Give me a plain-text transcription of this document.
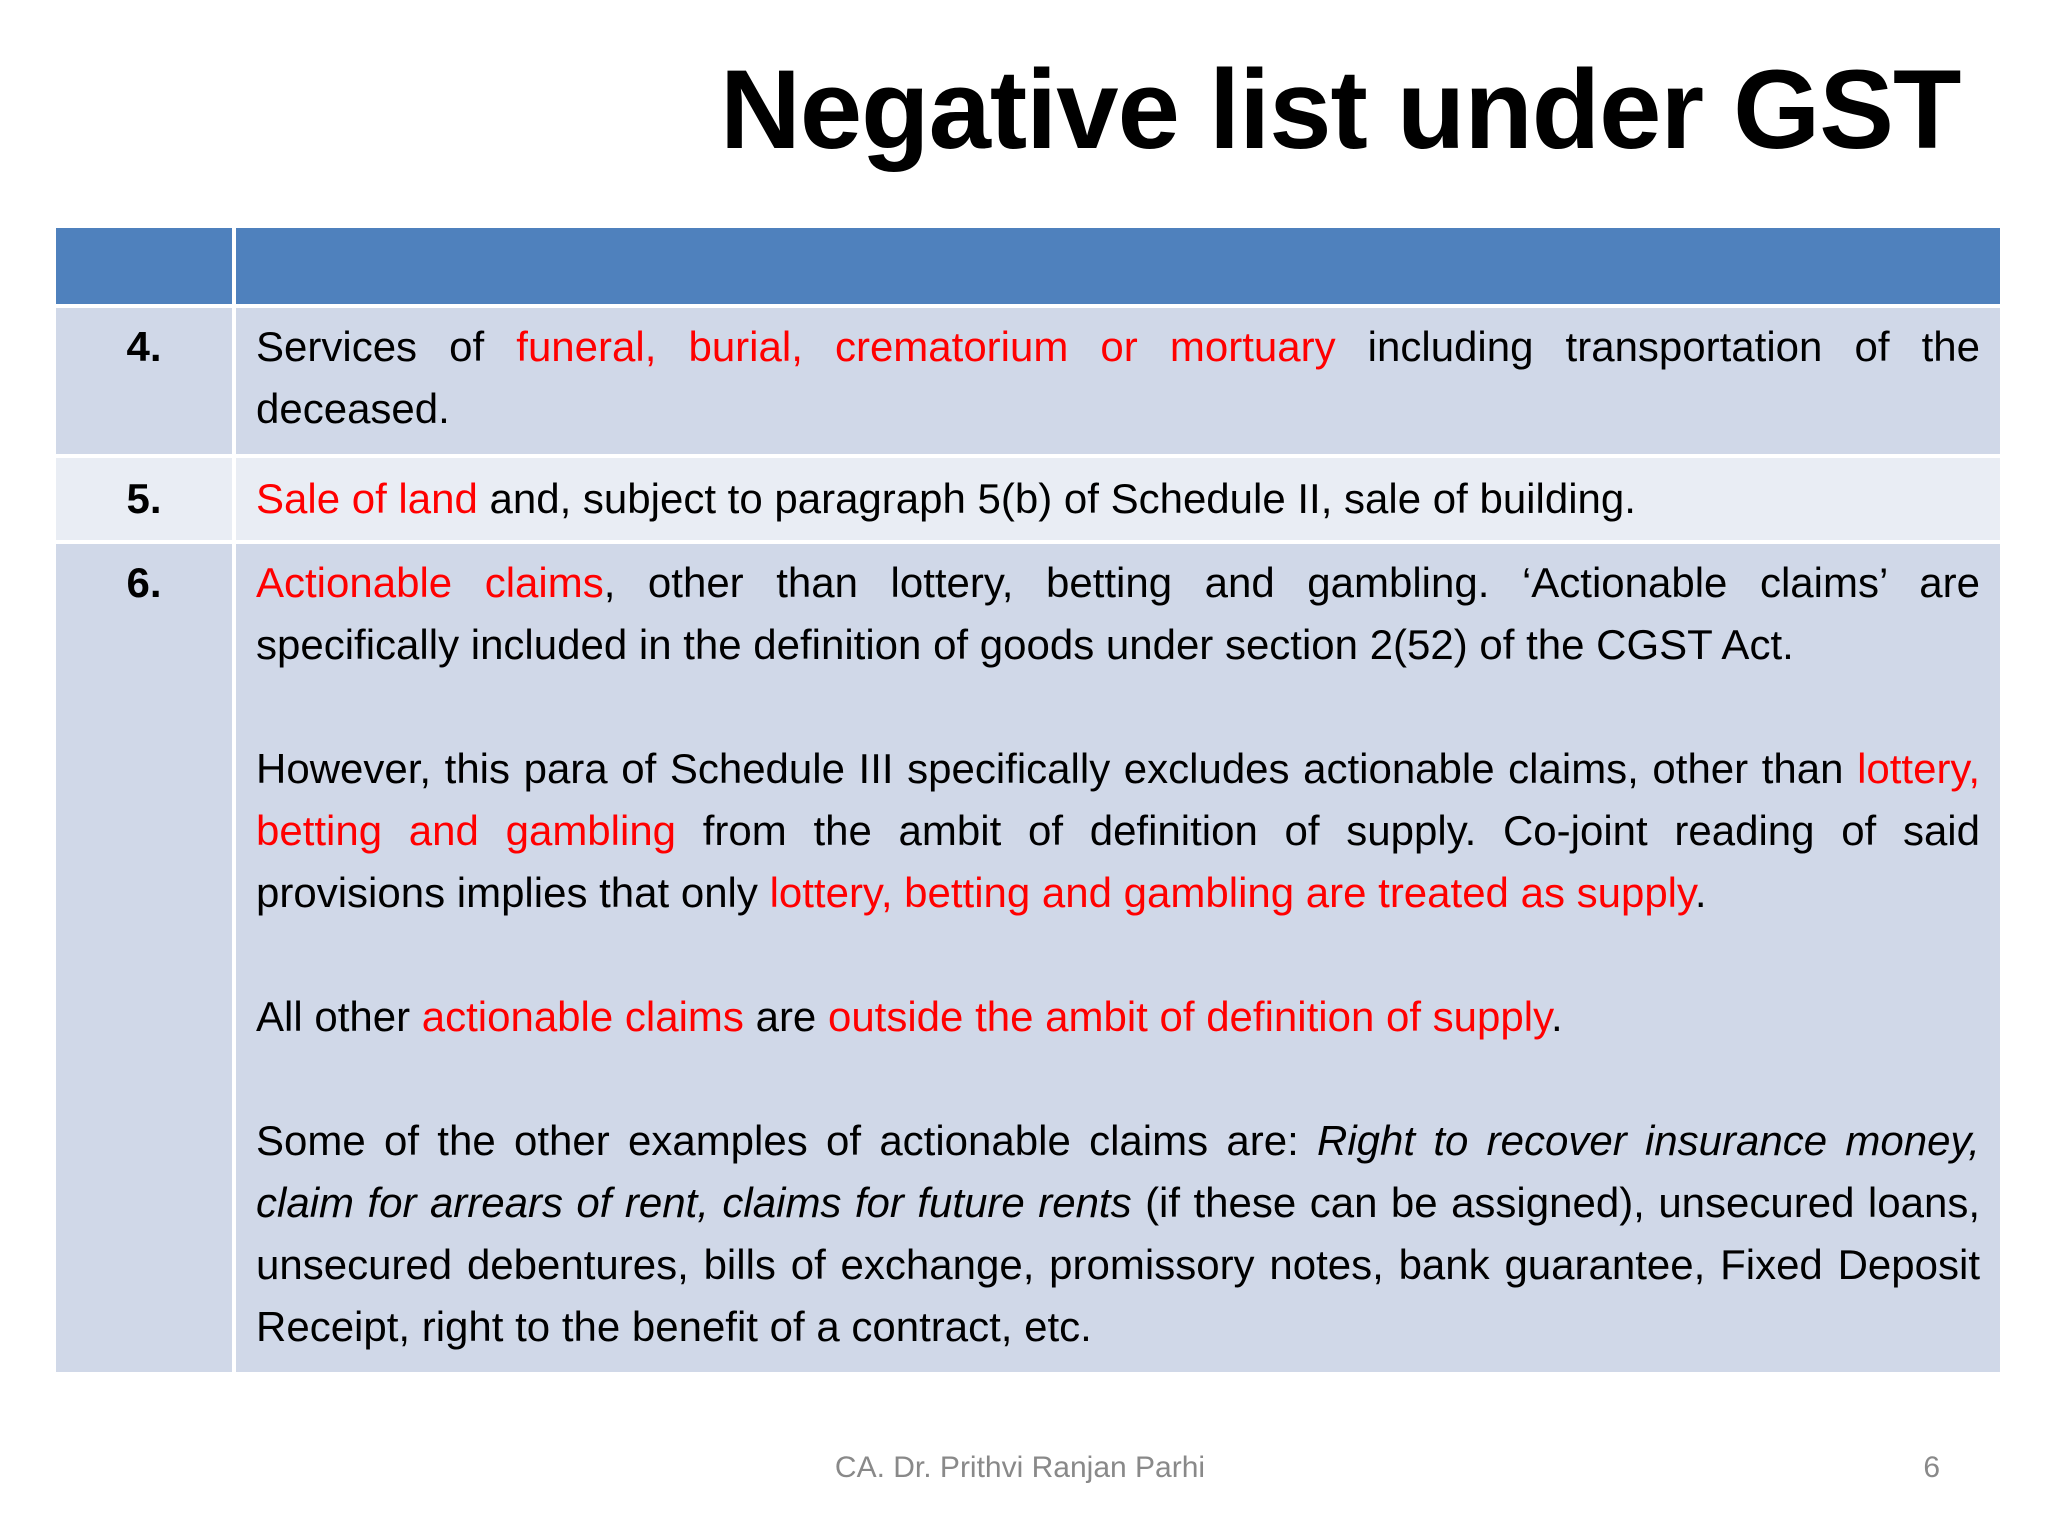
Negative list under GST

4.	Services of funeral, burial, crematorium or mortuary including transportation of the deceased.

5.	Sale of land and, subject to paragraph 5(b) of Schedule II, sale of building.

6.	Actionable claims, other than lottery, betting and gambling. ‘Actionable claims’ are specifically included in the definition of goods under section 2(52) of the CGST Act.

However, this para of Schedule III specifically excludes actionable claims, other than lottery, betting and gambling from the ambit of definition of supply. Co-joint reading of said provisions implies that only lottery, betting and gambling are treated as supply.

All other actionable claims are outside the ambit of definition of supply.

Some of the other examples of actionable claims are: Right to recover insurance money, claim for arrears of rent, claims for future rents (if these can be assigned), unsecured loans, unsecured debentures, bills of exchange, promissory notes, bank guarantee, Fixed Deposit Receipt, right to the benefit of a contract, etc.

CA. Dr. Prithvi Ranjan Parhi	6
